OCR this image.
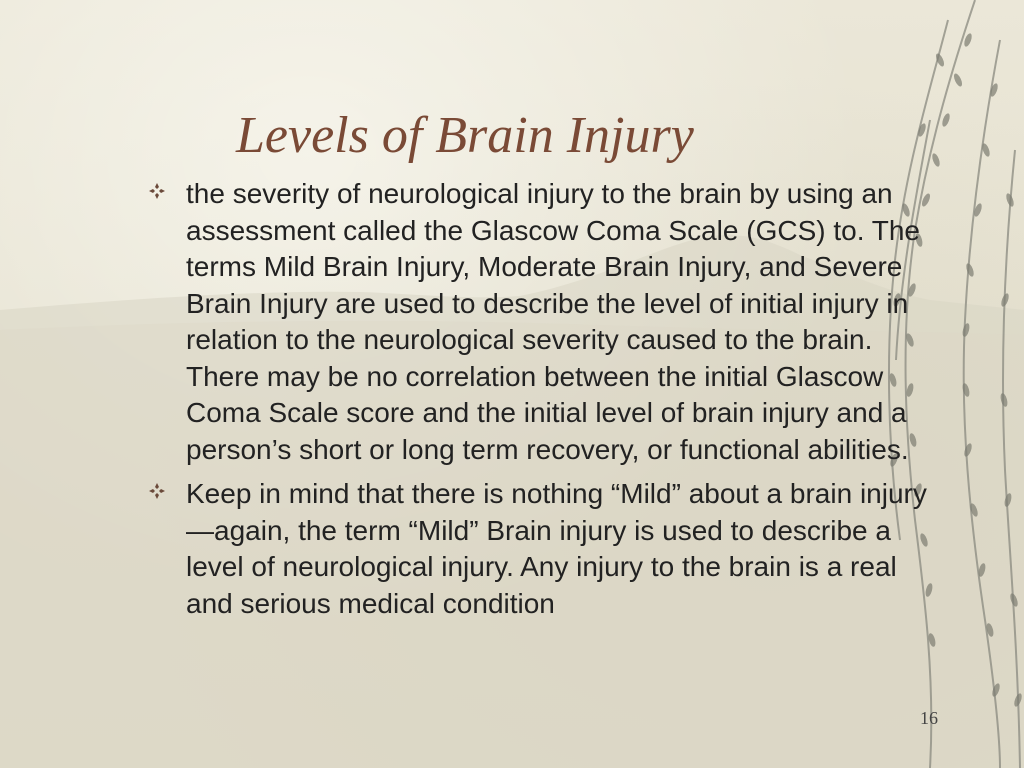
Levels of Brain Injury
the severity of neurological injury to the brain by using an assessment called the Glascow Coma Scale (GCS) to. The terms Mild Brain Injury, Moderate Brain Injury, and Severe Brain Injury are used to describe the level of initial injury in relation to the neurological severity caused to the brain. There may be no correlation between the initial Glascow Coma Scale score and the initial level of brain injury and a person’s short or long term recovery, or functional abilities.
Keep in mind that there is nothing “Mild” about a brain injury—again, the term “Mild” Brain injury is used to describe a level of neurological injury. Any injury to the brain is a real and serious medical condition
16
